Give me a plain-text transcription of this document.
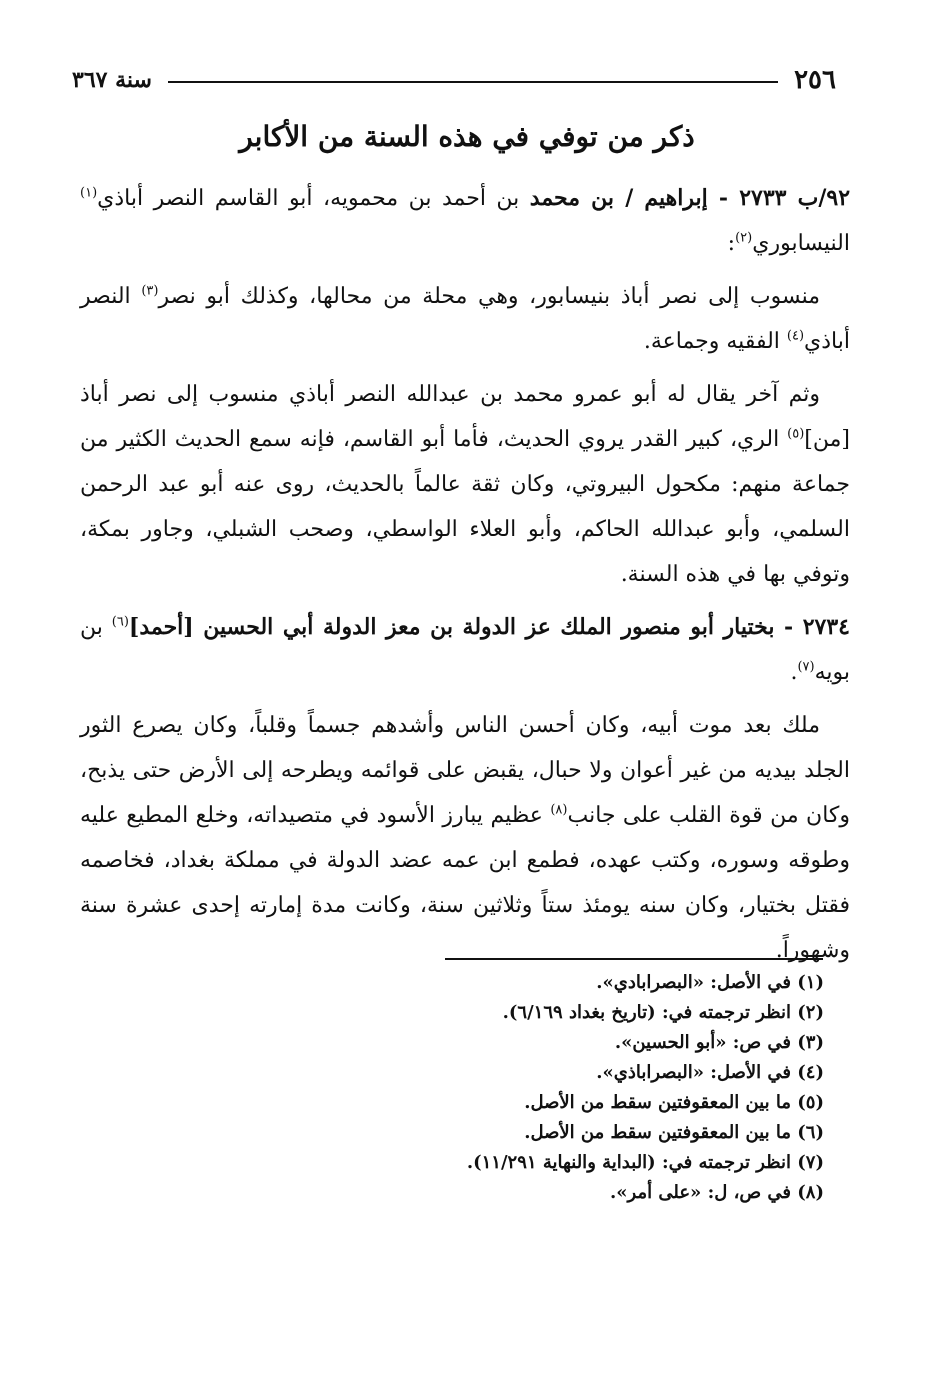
٢٥٦
سنة ٣٦٧
ذكر من توفي في هذه السنة من الأكابر

٩٢/ب ٢٧٣٣ - إبراهيم / بن محمد بن أحمد بن محمويه، أبو القاسم النصر أباذي$^{(١)}$ النيسابوري$^{(٢)}$:

منسوب إلى نصر أباذ بنيسابور، وهي محلة من محالها، وكذلك أبو نصر$^{(٣)}$ النصر أباذي$^{(٤)}$ الفقيه وجماعة.

وثم آخر يقال له أبو عمرو محمد بن عبدالله النصر أباذي منسوب إلى نصر أباذ [من]$^{(٥)}$ الري، كبير القدر يروي الحديث، فأما أبو القاسم، فإنه سمع الحديث الكثير من جماعة منهم: مكحول البيروتي، وكان ثقة عالماً بالحديث، روى عنه أبو عبد الرحمن السلمي، وأبو عبدالله الحاكم، وأبو العلاء الواسطي، وصحب الشبلي، وجاور بمكة، وتوفي بها في هذه السنة.

٢٧٣٤ - بختيار أبو منصور الملك عز الدولة بن معز الدولة أبي الحسين [أحمد]$^{(٦)}$ بن بويه$^{(٧)}$.

ملك بعد موت أبيه، وكان أحسن الناس وأشدهم جسماً وقلباً، وكان يصرع الثور الجلد بيديه من غير أعوان ولا حبال، يقبض على قوائمه ويطرحه إلى الأرض حتى يذبح، وكان من قوة القلب على جانب$^{(٨)}$ عظيم يبارز الأسود في متصيداته، وخلع المطيع عليه وطوقه وسوره، وكتب عهده، فطمع ابن عمه عضد الدولة في مملكة بغداد، فخاصمه فقتل بختيار، وكان سنه يومئذ ستاً وثلاثين سنة، وكانت مدة إمارته إحدى عشرة سنة وشهوراً.

(١) في الأصل: «البصرابادي».
(٢) انظر ترجمته في: (تاريخ بغداد ٦/١٦٩).
(٣) في ص: «أبو الحسين».
(٤) في الأصل: «البصراباذي».
(٥) ما بين المعقوفتين سقط من الأصل.
(٦) ما بين المعقوفتين سقط من الأصل.
(٧) انظر ترجمته في: (البداية والنهاية ١١/٢٩١).
(٨) في ص، ل: «على أمر».
